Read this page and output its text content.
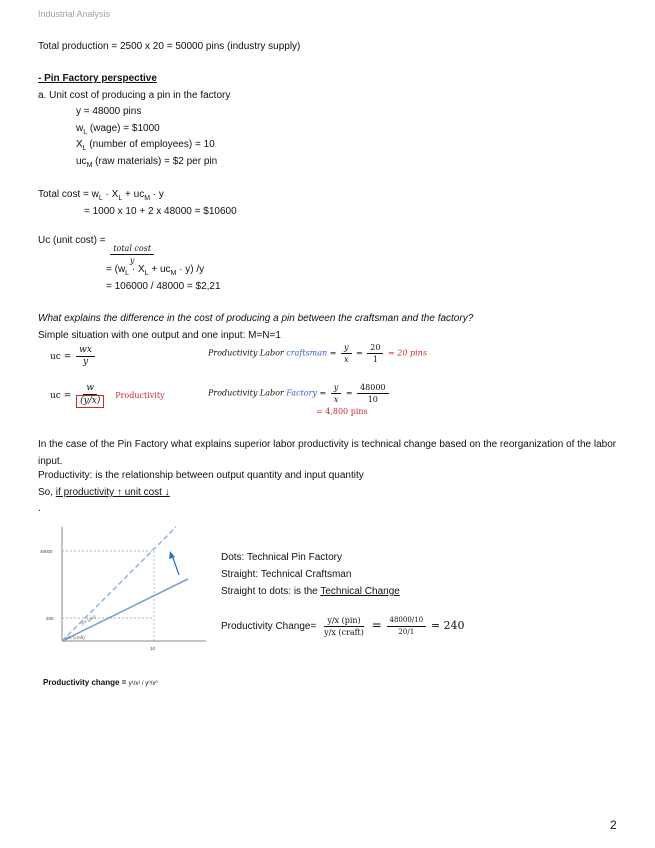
Industrial Analysis
Total production = 2500 x 20 = 50000 pins (industry supply)
- Pin Factory perspective
a. Unit cost of producing a pin in the factory
y = 48000 pins
$w_L$ (wage) = $1000
$X_L$ (number of employees) = 10
$uc_M$ (raw materials) = $2 per pin
Total $\cos t = w_L \cdot X_L + uc_M \cdot y$
= 1000 x 10 + 2 x 48000 = $10600
Uc (unit cost) =
$\frac{\text{total cost}}{y}$
= $(w_L \cdot X_L + uc_M \cdot y)$ /y
= 106000 / 48000 = $2,21
What explains the difference in the cost of producing a pin between the craftsman and the factory?
Simple situation with one output and one input: M=N=1
uc = $\frac{wx}{y}$	Productivity Labor craftsman = $\frac{y}{x} = \frac{20}{1} = 20$ pins
uc = $\frac{w}{(y/x)}$ Productivity	Productivity Labor Factory = $\frac{y}{x} = \frac{48000}{10}$
= 4,800 pins
In the case of the Pin Factory what explains superior labor productivity is technical change based on the reorganization of the labor input.
Productivity: is the relationship between output quantity and input quantity
So, if productivity ↑ unit cost ↓
.
48000
200
10
y/x (craft)
y/x (pin)
Dots: Technical Pin Factory
Straight: Technical Craftsman
Straight to dots: is the Technical Change
Productivity Change= $\frac{\text{y/x (pin)}}{\text{y/x (craft)}} = \frac{48000/10}{20/1} = 240$
Productivity change = y¹/x¹ / y⁰/x⁰
2
